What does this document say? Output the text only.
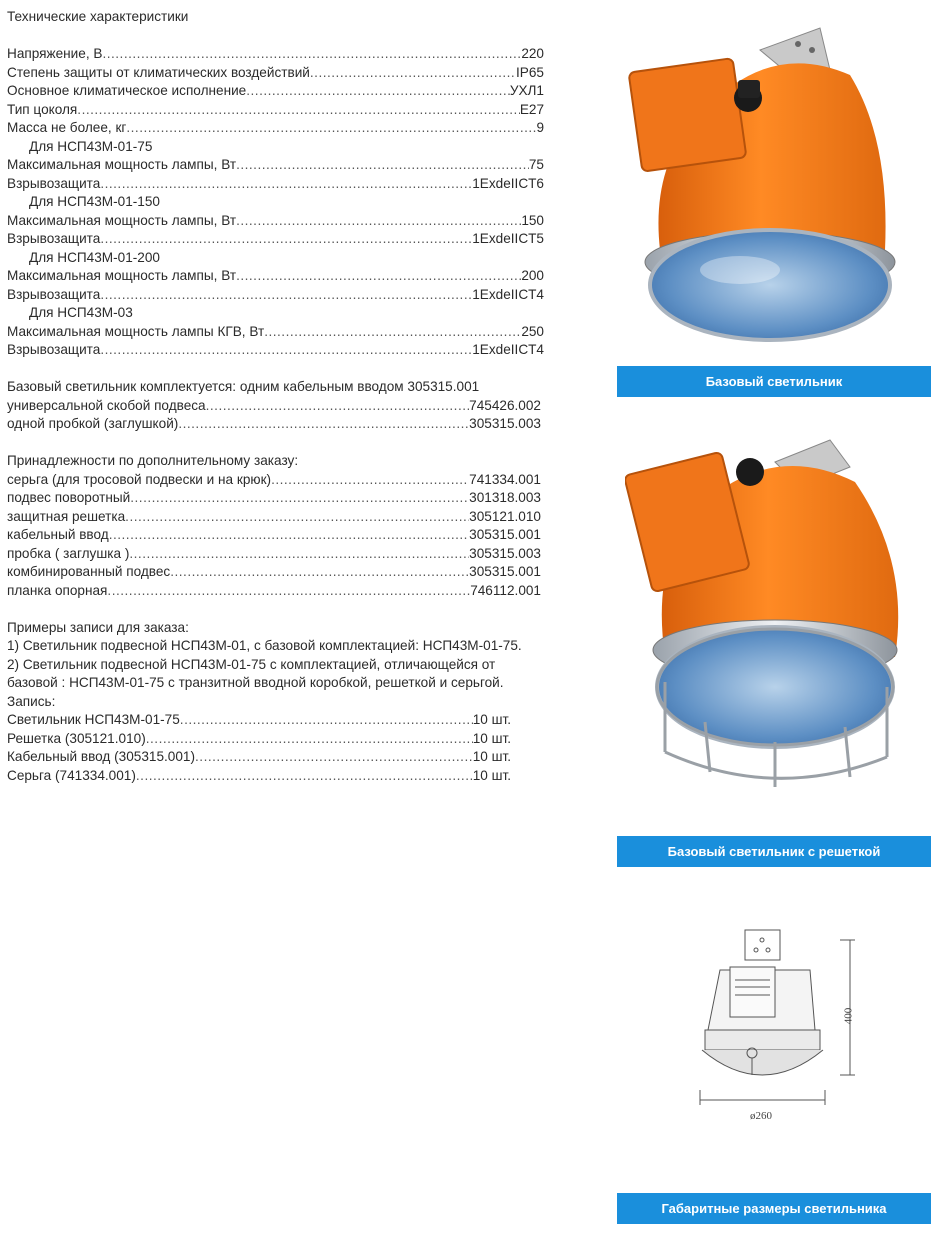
Технические характеристики
Напряжение, В .....	220
Степень защиты от климатических воздействий .....	IP65
Основное климатическое исполнение .....	УХЛ1
Тип цоколя .....	E27
Масса не более, кг .....	9
Для НСП43М-01-75
Максимальная мощность лампы, Вт .....	75
Взрывозащита .....	1ExdeIICT6
Для НСП43М-01-150
Максимальная мощность лампы, Вт .....	150
Взрывозащита .....	1ExdeIICT5
Для НСП43М-01-200
Максимальная мощность лампы, Вт .....	200
Взрывозащита .....	1ExdeIICT4
Для НСП43М-03
Максимальная мощность лампы КГВ, Вт .....	250
Взрывозащита .....	1ExdeIICT4
Базовый светильник комплектуется: одним кабельным вводом 305315.001
универсальной скобой подвеса .....	745426.002
одной пробкой (заглушкой) .....	305315.003
Принадлежности по дополнительному заказу:
серьга (для тросовой подвески и на крюк) .....	741334.001
подвес поворотный .....	301318.003
защитная решетка .....	305121.010
кабельный ввод .....	305315.001
пробка ( заглушка ) .....	305315.003
комбинированный подвес .....	305315.001
планка опорная .....	746112.001
Примеры записи для заказа:
1) Светильник подвесной НСП43М-01, с базовой комплектацией: НСП43М-01-75.
2) Светильник подвесной НСП43М-01-75 с комплектацией, отличающейся от
базовой : НСП43М-01-75 с транзитной вводной коробкой, решеткой и серьгой.
Запись:
Светильник НСП43М-01-75 .....	10 шт.
Решетка (305121.010) .....	10 шт.
Кабельный ввод (305315.001) .....	10 шт.
Серьга (741334.001) .....	10 шт.
Базовый светильник
Базовый светильник с решеткой
400
ø260
Габаритные размеры светильника
